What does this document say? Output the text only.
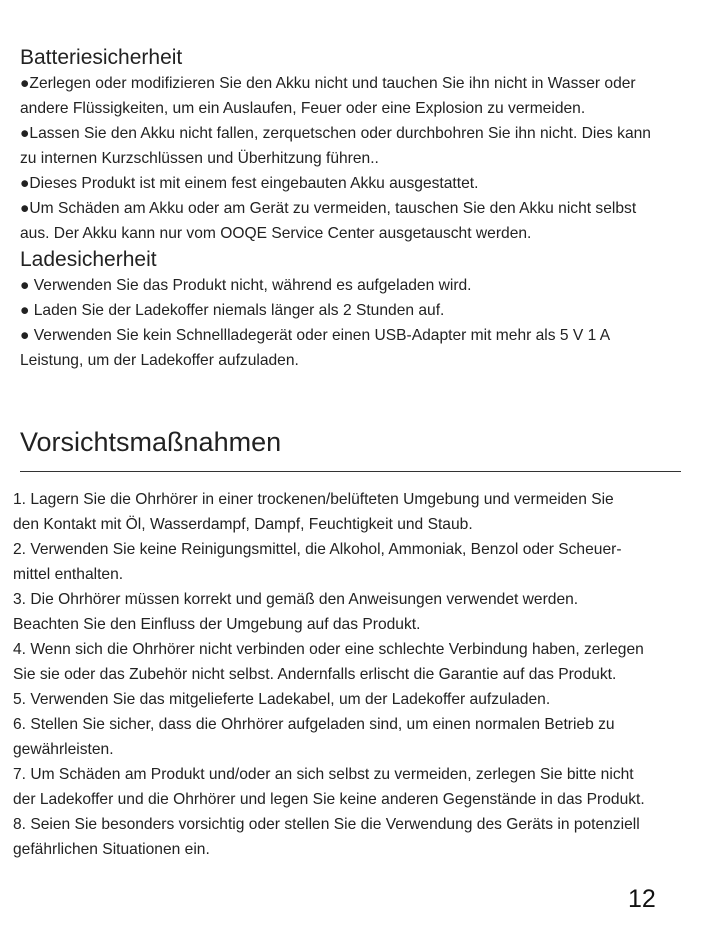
Batteriesicherheit

●Zerlegen oder modifizieren Sie den Akku nicht und tauchen Sie ihn nicht in Wasser oder
andere Flüssigkeiten, um ein Auslaufen, Feuer oder eine Explosion zu vermeiden.

●Lassen Sie den Akku nicht fallen, zerquetschen oder durchbohren Sie ihn nicht. Dies kann
zu internen Kurzschlüssen und Überhitzung führen..

●Dieses Produkt ist mit einem fest eingebauten Akku ausgestattet.

●Um Schäden am Akku oder am Gerät zu vermeiden, tauschen Sie den Akku nicht selbst
aus. Der Akku kann nur vom OOQE Service Center ausgetauscht werden.

Ladesicherheit

● Verwenden Sie das Produkt nicht, während es aufgeladen wird.

● Laden Sie der Ladekoffer niemals länger als 2 Stunden auf.

● Verwenden Sie kein Schnellladegerät oder einen USB-Adapter mit mehr als 5 V 1 A
Leistung, um der Ladekoffer aufzuladen.

Vorsichtsmaßnahmen

1. Lagern Sie die Ohrhörer in einer trockenen/belüfteten Umgebung und vermeiden Sie
den Kontakt mit Öl, Wasserdampf, Dampf, Feuchtigkeit und Staub.

2. Verwenden Sie keine Reinigungsmittel, die Alkohol, Ammoniak, Benzol oder Scheuer-
mittel enthalten.

3. Die Ohrhörer müssen korrekt und gemäß den Anweisungen verwendet werden.
Beachten Sie den Einfluss der Umgebung auf das Produkt.

4. Wenn sich die Ohrhörer nicht verbinden oder eine schlechte Verbindung haben, zerlegen
Sie sie oder das Zubehör nicht selbst. Andernfalls erlischt die Garantie auf das Produkt.

5. Verwenden Sie das mitgelieferte Ladekabel, um der Ladekoffer aufzuladen.

6. Stellen Sie sicher, dass die Ohrhörer aufgeladen sind, um einen normalen Betrieb zu
gewährleisten.

7. Um Schäden am Produkt und/oder an sich selbst zu vermeiden, zerlegen Sie bitte nicht
der Ladekoffer und die Ohrhörer und legen Sie keine anderen Gegenstände in das Produkt.

8. Seien Sie besonders vorsichtig oder stellen Sie die Verwendung des Geräts in potenziell
gefährlichen Situationen ein.

12
